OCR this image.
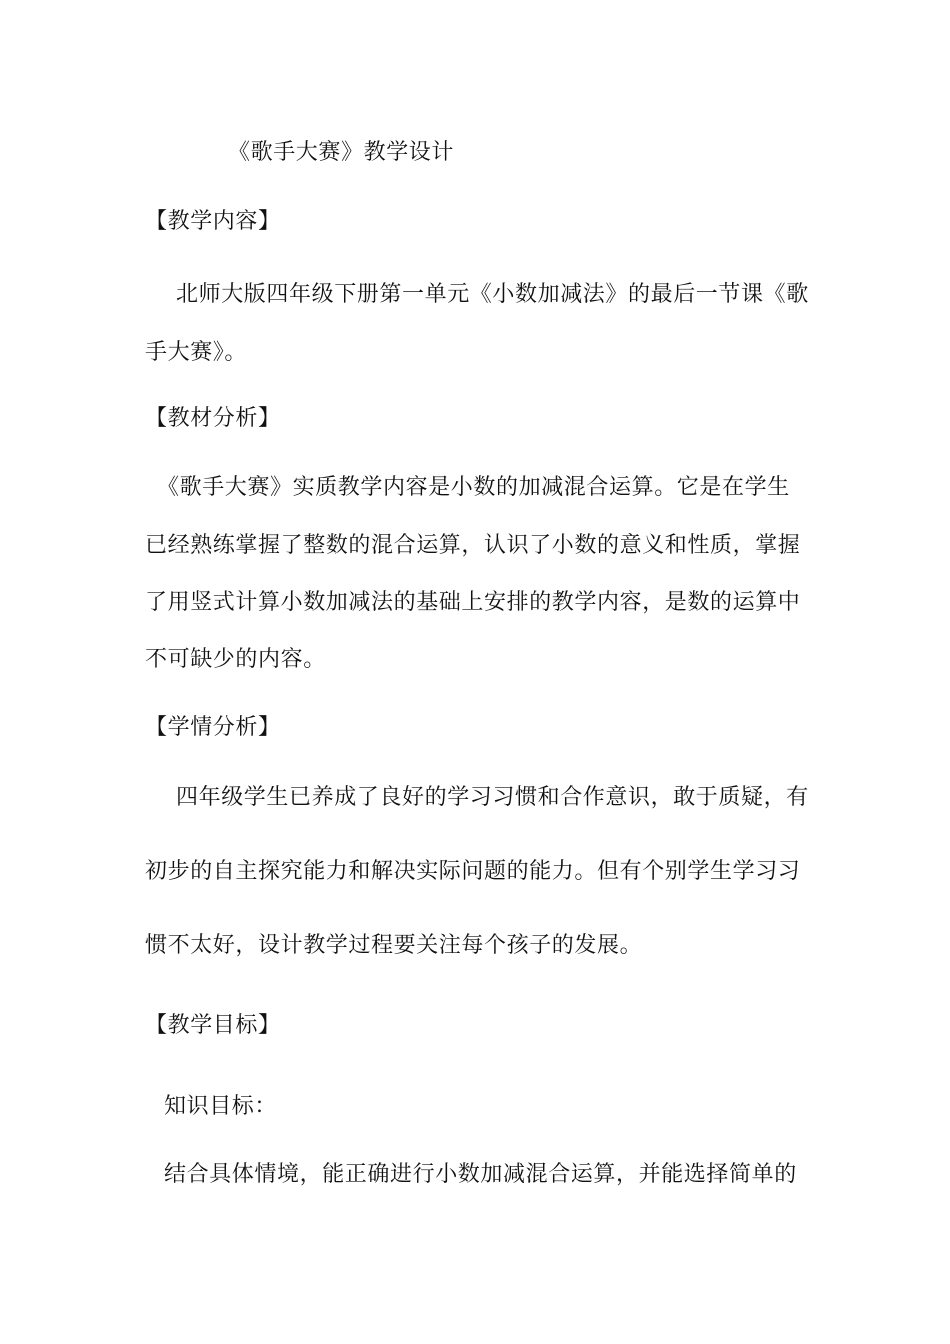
《歌手大赛》教学设计
【教学内容】
北师大版四年级下册第一单元《小数加减法》的最后一节课《歌
手大赛》。
【教材分析】
《歌手大赛》实质教学内容是小数的加减混合运算。它是在学生
已经熟练掌握了整数的混合运算，认识了小数的意义和性质，掌握
了用竖式计算小数加减法的基础上安排的教学内容，是数的运算中
不可缺少的内容。
【学情分析】
四年级学生已养成了良好的学习习惯和合作意识，敢于质疑，有
初步的自主探究能力和解决实际问题的能力。但有个别学生学习习
惯不太好，设计教学过程要关注每个孩子的发展。
【教学目标】
知识目标：
结合具体情境，能正确进行小数加减混合运算，并能选择简单的
